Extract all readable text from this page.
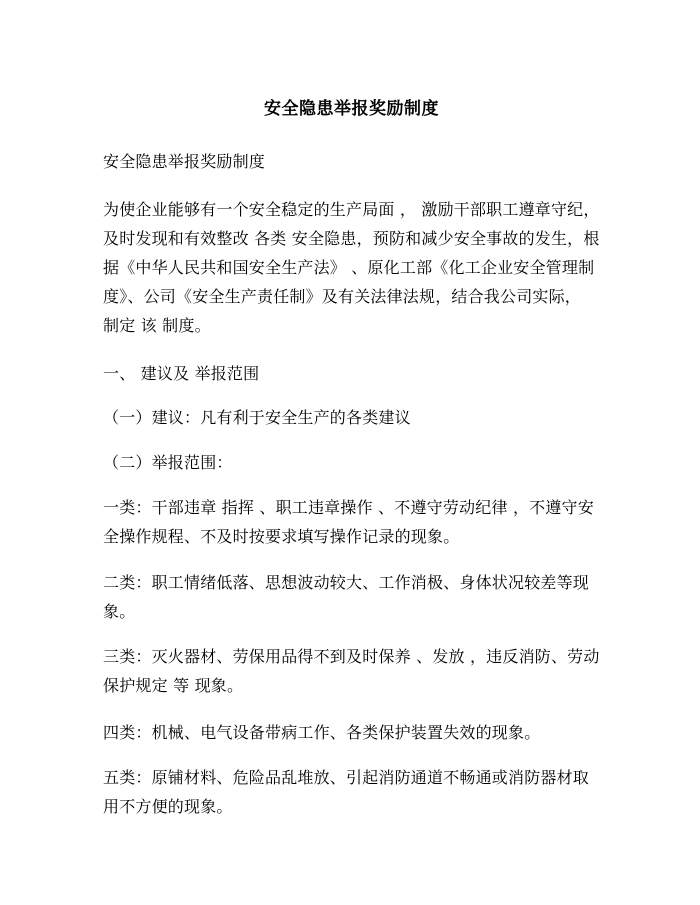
安全隐患举报奖励制度

安全隐患举报奖励制度

为使企业能够有一个安全稳定的生产局面 ， 激励干部职工遵章守纪，
及时发现和有效整改 各类 安全隐患，预防和减少安全事故的发生，根
据《中华人民共和国安全生产法》 、原化工部《化工企业安全管理制
度》、公司《安全生产责任制》及有关法律法规，结合我公司实际，
制定 该 制度。

一、 建议及 举报范围

（一）建议：凡有利于安全生产的各类建议

（二）举报范围：

一类：干部违章 指挥 、职工违章操作 、不遵守劳动纪律 ，不遵守安
全操作规程、不及时按要求填写操作记录的现象。
二类：职工情绪低落、思想波动较大、工作消极、身体状况较差等现
象。
三类：灭火器材、劳保用品得不到及时保养 、发放 ，违反消防、劳动
保护规定 等 现象。
四类：机械、电气设备带病工作、各类保护装置失效的现象。
五类：原铺材料、危险品乱堆放、引起消防通道不畅通或消防器材取
用不方便的现象。
